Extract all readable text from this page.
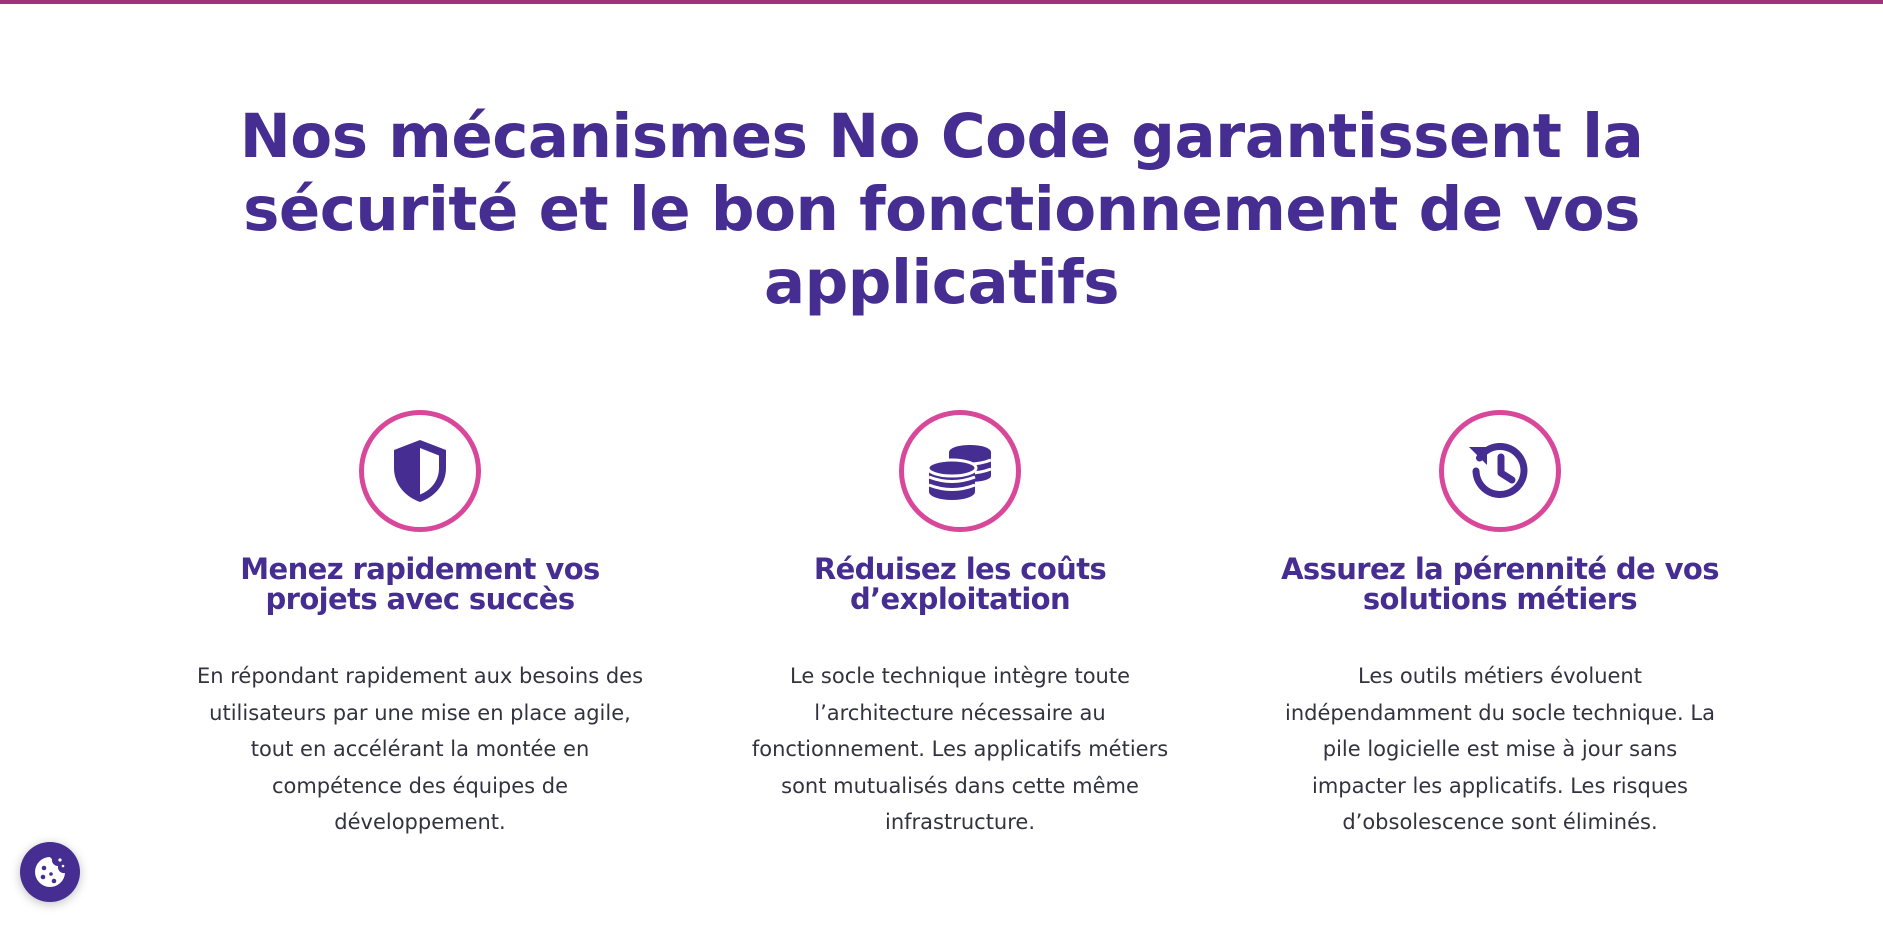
Nos mécanismes No Code garantissent la
sécurité et le bon fonctionnement de vos
applicatifs
Menez rapidement vos
projets avec succès

En répondant rapidement aux besoins des
utilisateurs par une mise en place agile,
tout en accélérant la montée en
compétence des équipes de
développement.

Réduisez les coûts
d’exploitation

Le socle technique intègre toute
l’architecture nécessaire au
fonctionnement. Les applicatifs métiers
sont mutualisés dans cette même
infrastructure.

Assurez la pérennité de vos
solutions métiers

Les outils métiers évoluent
indépendamment du socle technique. La
pile logicielle est mise à jour sans
impacter les applicatifs. Les risques
d’obsolescence sont éliminés.
